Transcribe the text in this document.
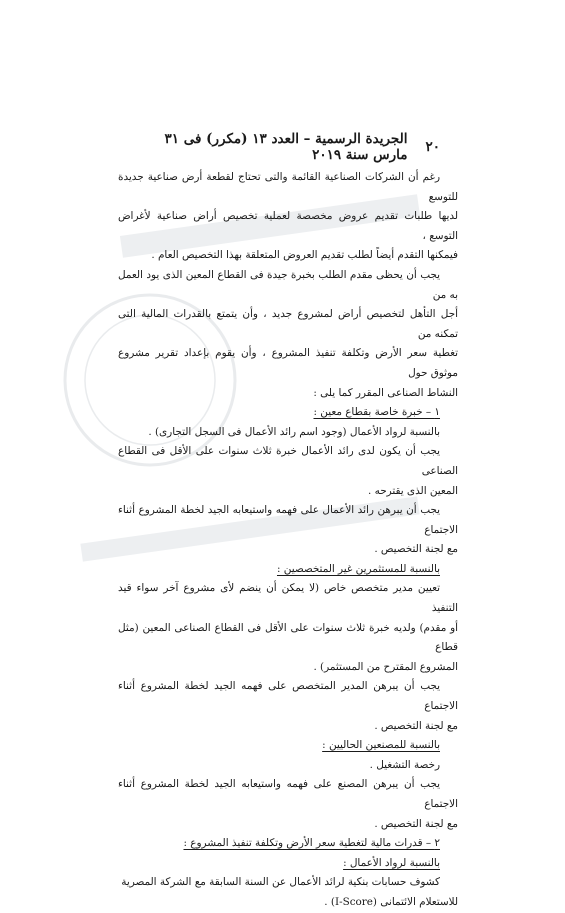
٢٠
الجريدة الرسمية – العدد ١٣ (مكرر) فى ٣١ مارس سنة ٢٠١٩

رغم أن الشركات الصناعية القائمة والتى تحتاج لقطعة أرض صناعية جديدة للتوسع

لديها طلبات تقديم عروض مخصصة لعملية تخصيص أراض صناعية لأغراض التوسع ،

فيمكنها التقدم أيضاً لطلب تقديم العروض المتعلقة بهذا التخصيص العام .

يجب أن يحظى مقدم الطلب بخبرة جيدة فى القطاع المعين الذى يود العمل به من

أجل التأهل لتخصيص أراض لمشروع جديد ، وأن يتمتع بالقدرات المالية التى تمكنه من

تغطية سعر الأرض وتكلفة تنفيذ المشروع ، وأن يقوم بإعداد تقرير مشروع موثوق حول

النشاط الصناعى المقرر كما يلى :

١ – خبرة خاصة بقطاع معين :

بالنسبة لرواد الأعمال (وجود اسم رائد الأعمال فى السجل التجارى) .

يجب أن يكون لدى رائد الأعمال خبرة ثلاث سنوات على الأقل فى القطاع الصناعى

المعين الذى يقترحه .

يجب أن يبرهن رائد الأعمال على فهمه واستيعابه الجيد لخطة المشروع أثناء الاجتماع

مع لجنة التخصيص .

بالنسبة للمستثمرين غير المتخصصين :

تعيين مدير متخصص خاص (لا يمكن أن ينضم لأى مشروع آخر سواء قيد التنفيذ

أو مقدم) ولديه خبرة ثلاث سنوات على الأقل فى القطاع الصناعى المعين (مثل قطاع

المشروع المقترح من المستثمر) .

يجب أن يبرهن المدير المتخصص على فهمه الجيد لخطة المشروع أثناء الاجتماع

مع لجنة التخصيص .

بالنسبة للمصنعين الحاليين :

رخصة التشغيل .

يجب أن يبرهن المصنع على فهمه واستيعابه الجيد لخطة المشروع أثناء الاجتماع

مع لجنة التخصيص .

٢ – قدرات مالية لتغطية سعر الأرض وتكلفة تنفيذ المشروع :

بالنسبة لرواد الأعمال :

كشوف حسابات بنكية لرائد الأعمال عن السنة السابقة مع الشركة المصرية

للاستعلام الائتمانى (I-Score) .
